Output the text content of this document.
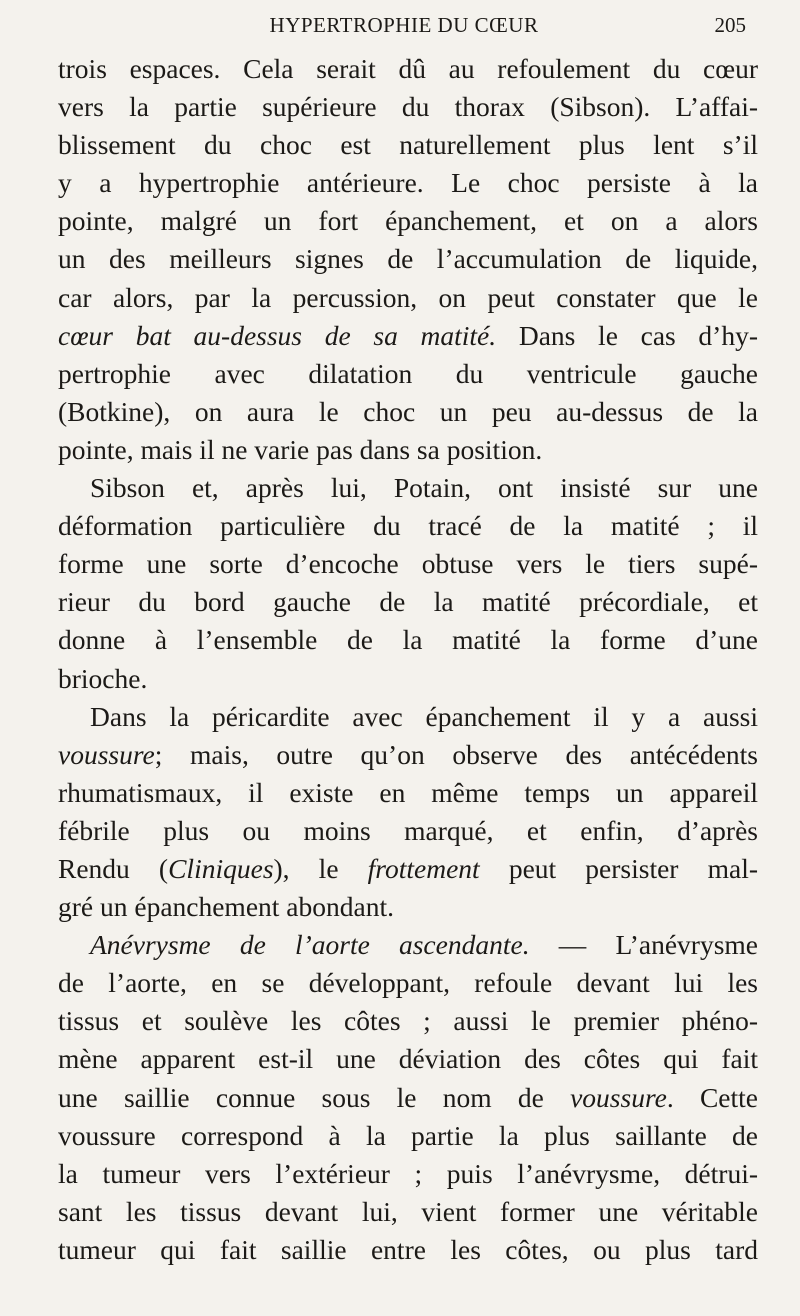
HYPERTROPHIE DU CŒUR	205
trois espaces. Cela serait dû au refoulement du cœur
vers la partie supérieure du thorax (Sibson). L’affai-
blissement du choc est naturellement plus lent s’il
y a hypertrophie antérieure. Le choc persiste à la
pointe, malgré un fort épanchement, et on a alors
un des meilleurs signes de l’accumulation de liquide,
car alors, par la percussion, on peut constater que le
cœur bat au-dessus de sa matité. Dans le cas d’hy-
pertrophie avec dilatation du ventricule gauche
(Botkine), on aura le choc un peu au-dessus de la
pointe, mais il ne varie pas dans sa position.
Sibson et, après lui, Potain, ont insisté sur une
déformation particulière du tracé de la matité ; il
forme une sorte d’encoche obtuse vers le tiers supé-
rieur du bord gauche de la matité précordiale, et
donne à l’ensemble de la matité la forme d’une
brioche.
Dans la péricardite avec épanchement il y a aussi
voussure; mais, outre qu’on observe des antécédents
rhumatismaux, il existe en même temps un appareil
fébrile plus ou moins marqué, et enfin, d’après
Rendu (Cliniques), le frottement peut persister mal-
gré un épanchement abondant.
Anévrysme de l’aorte ascendante. — L’anévrysme
de l’aorte, en se développant, refoule devant lui les
tissus et soulève les côtes ; aussi le premier phéno-
mène apparent est-il une déviation des côtes qui fait
une saillie connue sous le nom de voussure. Cette
voussure correspond à la partie la plus saillante de
la tumeur vers l’extérieur ; puis l’anévrysme, détrui-
sant les tissus devant lui, vient former une véritable
tumeur qui fait saillie entre les côtes, ou plus tard
